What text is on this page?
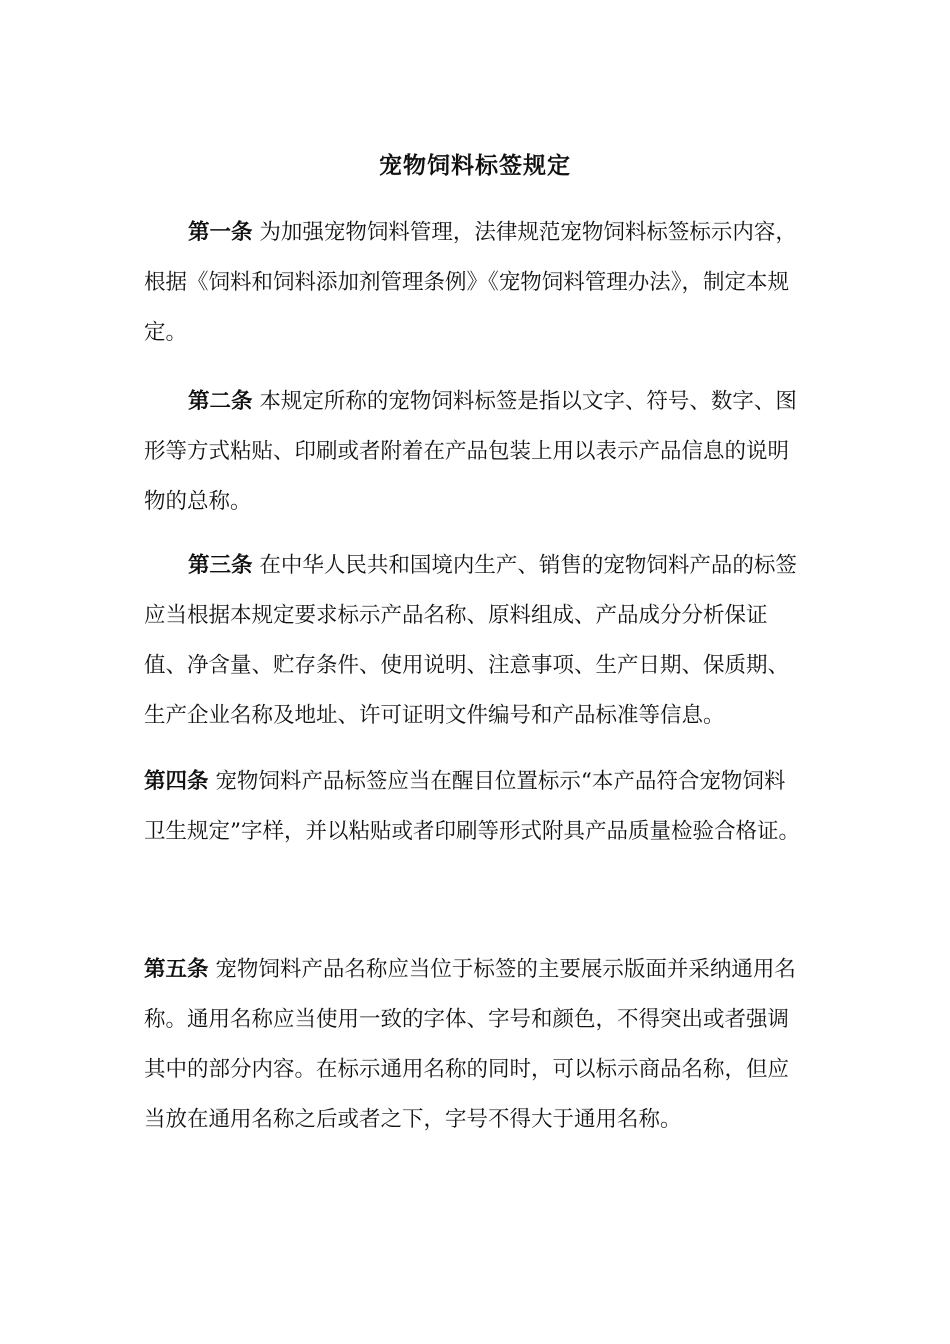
宠物饲料标签规定

第一条 为加强宠物饲料管理，法律规范宠物饲料标签标示内容，根据《饲料和饲料添加剂管理条例》《宠物饲料管理办法》，制定本规定。

第二条 本规定所称的宠物饲料标签是指以文字、符号、数字、图形等方式粘贴、印刷或者附着在产品包装上用以表示产品信息的说明物的总称。

第三条 在中华人民共和国境内生产、销售的宠物饲料产品的标签应当根据本规定要求标示产品名称、原料组成、产品成分分析保证值、净含量、贮存条件、使用说明、注意事项、生产日期、保质期、生产企业名称及地址、许可证明文件编号和产品标准等信息。

第四条 宠物饲料产品标签应当在醒目位置标示“本产品符合宠物饲料卫生规定”字样，并以粘贴或者印刷等形式附具产品质量检验合格证。

第五条 宠物饲料产品名称应当位于标签的主要展示版面并采纳通用名称。通用名称应当使用一致的字体、字号和颜色，不得突出或者强调其中的部分内容。在标示通用名称的同时，可以标示商品名称，但应当放在通用名称之后或者之下，字号不得大于通用名称。
